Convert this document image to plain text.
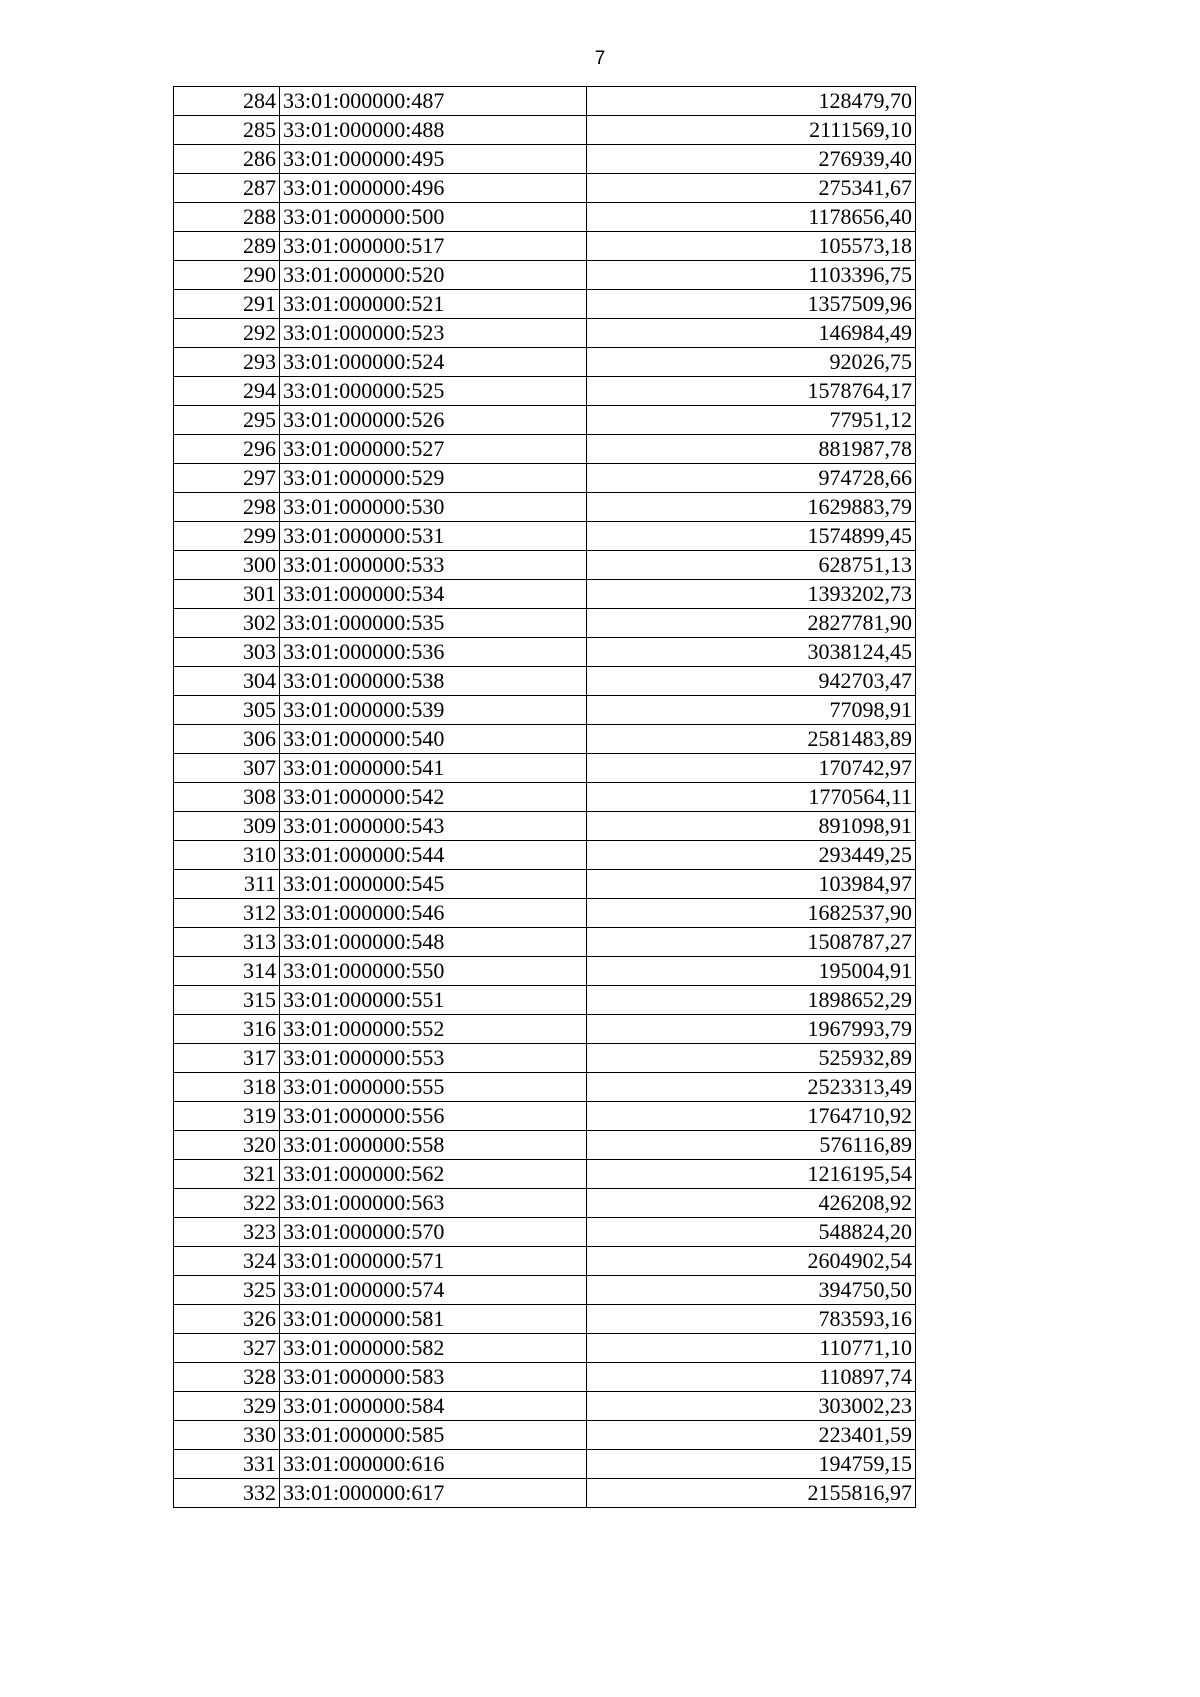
7
284	33:01:000000:487	128479,70
285	33:01:000000:488	2111569,10
286	33:01:000000:495	276939,40
287	33:01:000000:496	275341,67
288	33:01:000000:500	1178656,40
289	33:01:000000:517	105573,18
290	33:01:000000:520	1103396,75
291	33:01:000000:521	1357509,96
292	33:01:000000:523	146984,49
293	33:01:000000:524	92026,75
294	33:01:000000:525	1578764,17
295	33:01:000000:526	77951,12
296	33:01:000000:527	881987,78
297	33:01:000000:529	974728,66
298	33:01:000000:530	1629883,79
299	33:01:000000:531	1574899,45
300	33:01:000000:533	628751,13
301	33:01:000000:534	1393202,73
302	33:01:000000:535	2827781,90
303	33:01:000000:536	3038124,45
304	33:01:000000:538	942703,47
305	33:01:000000:539	77098,91
306	33:01:000000:540	2581483,89
307	33:01:000000:541	170742,97
308	33:01:000000:542	1770564,11
309	33:01:000000:543	891098,91
310	33:01:000000:544	293449,25
311	33:01:000000:545	103984,97
312	33:01:000000:546	1682537,90
313	33:01:000000:548	1508787,27
314	33:01:000000:550	195004,91
315	33:01:000000:551	1898652,29
316	33:01:000000:552	1967993,79
317	33:01:000000:553	525932,89
318	33:01:000000:555	2523313,49
319	33:01:000000:556	1764710,92
320	33:01:000000:558	576116,89
321	33:01:000000:562	1216195,54
322	33:01:000000:563	426208,92
323	33:01:000000:570	548824,20
324	33:01:000000:571	2604902,54
325	33:01:000000:574	394750,50
326	33:01:000000:581	783593,16
327	33:01:000000:582	110771,10
328	33:01:000000:583	110897,74
329	33:01:000000:584	303002,23
330	33:01:000000:585	223401,59
331	33:01:000000:616	194759,15
332	33:01:000000:617	2155816,97
